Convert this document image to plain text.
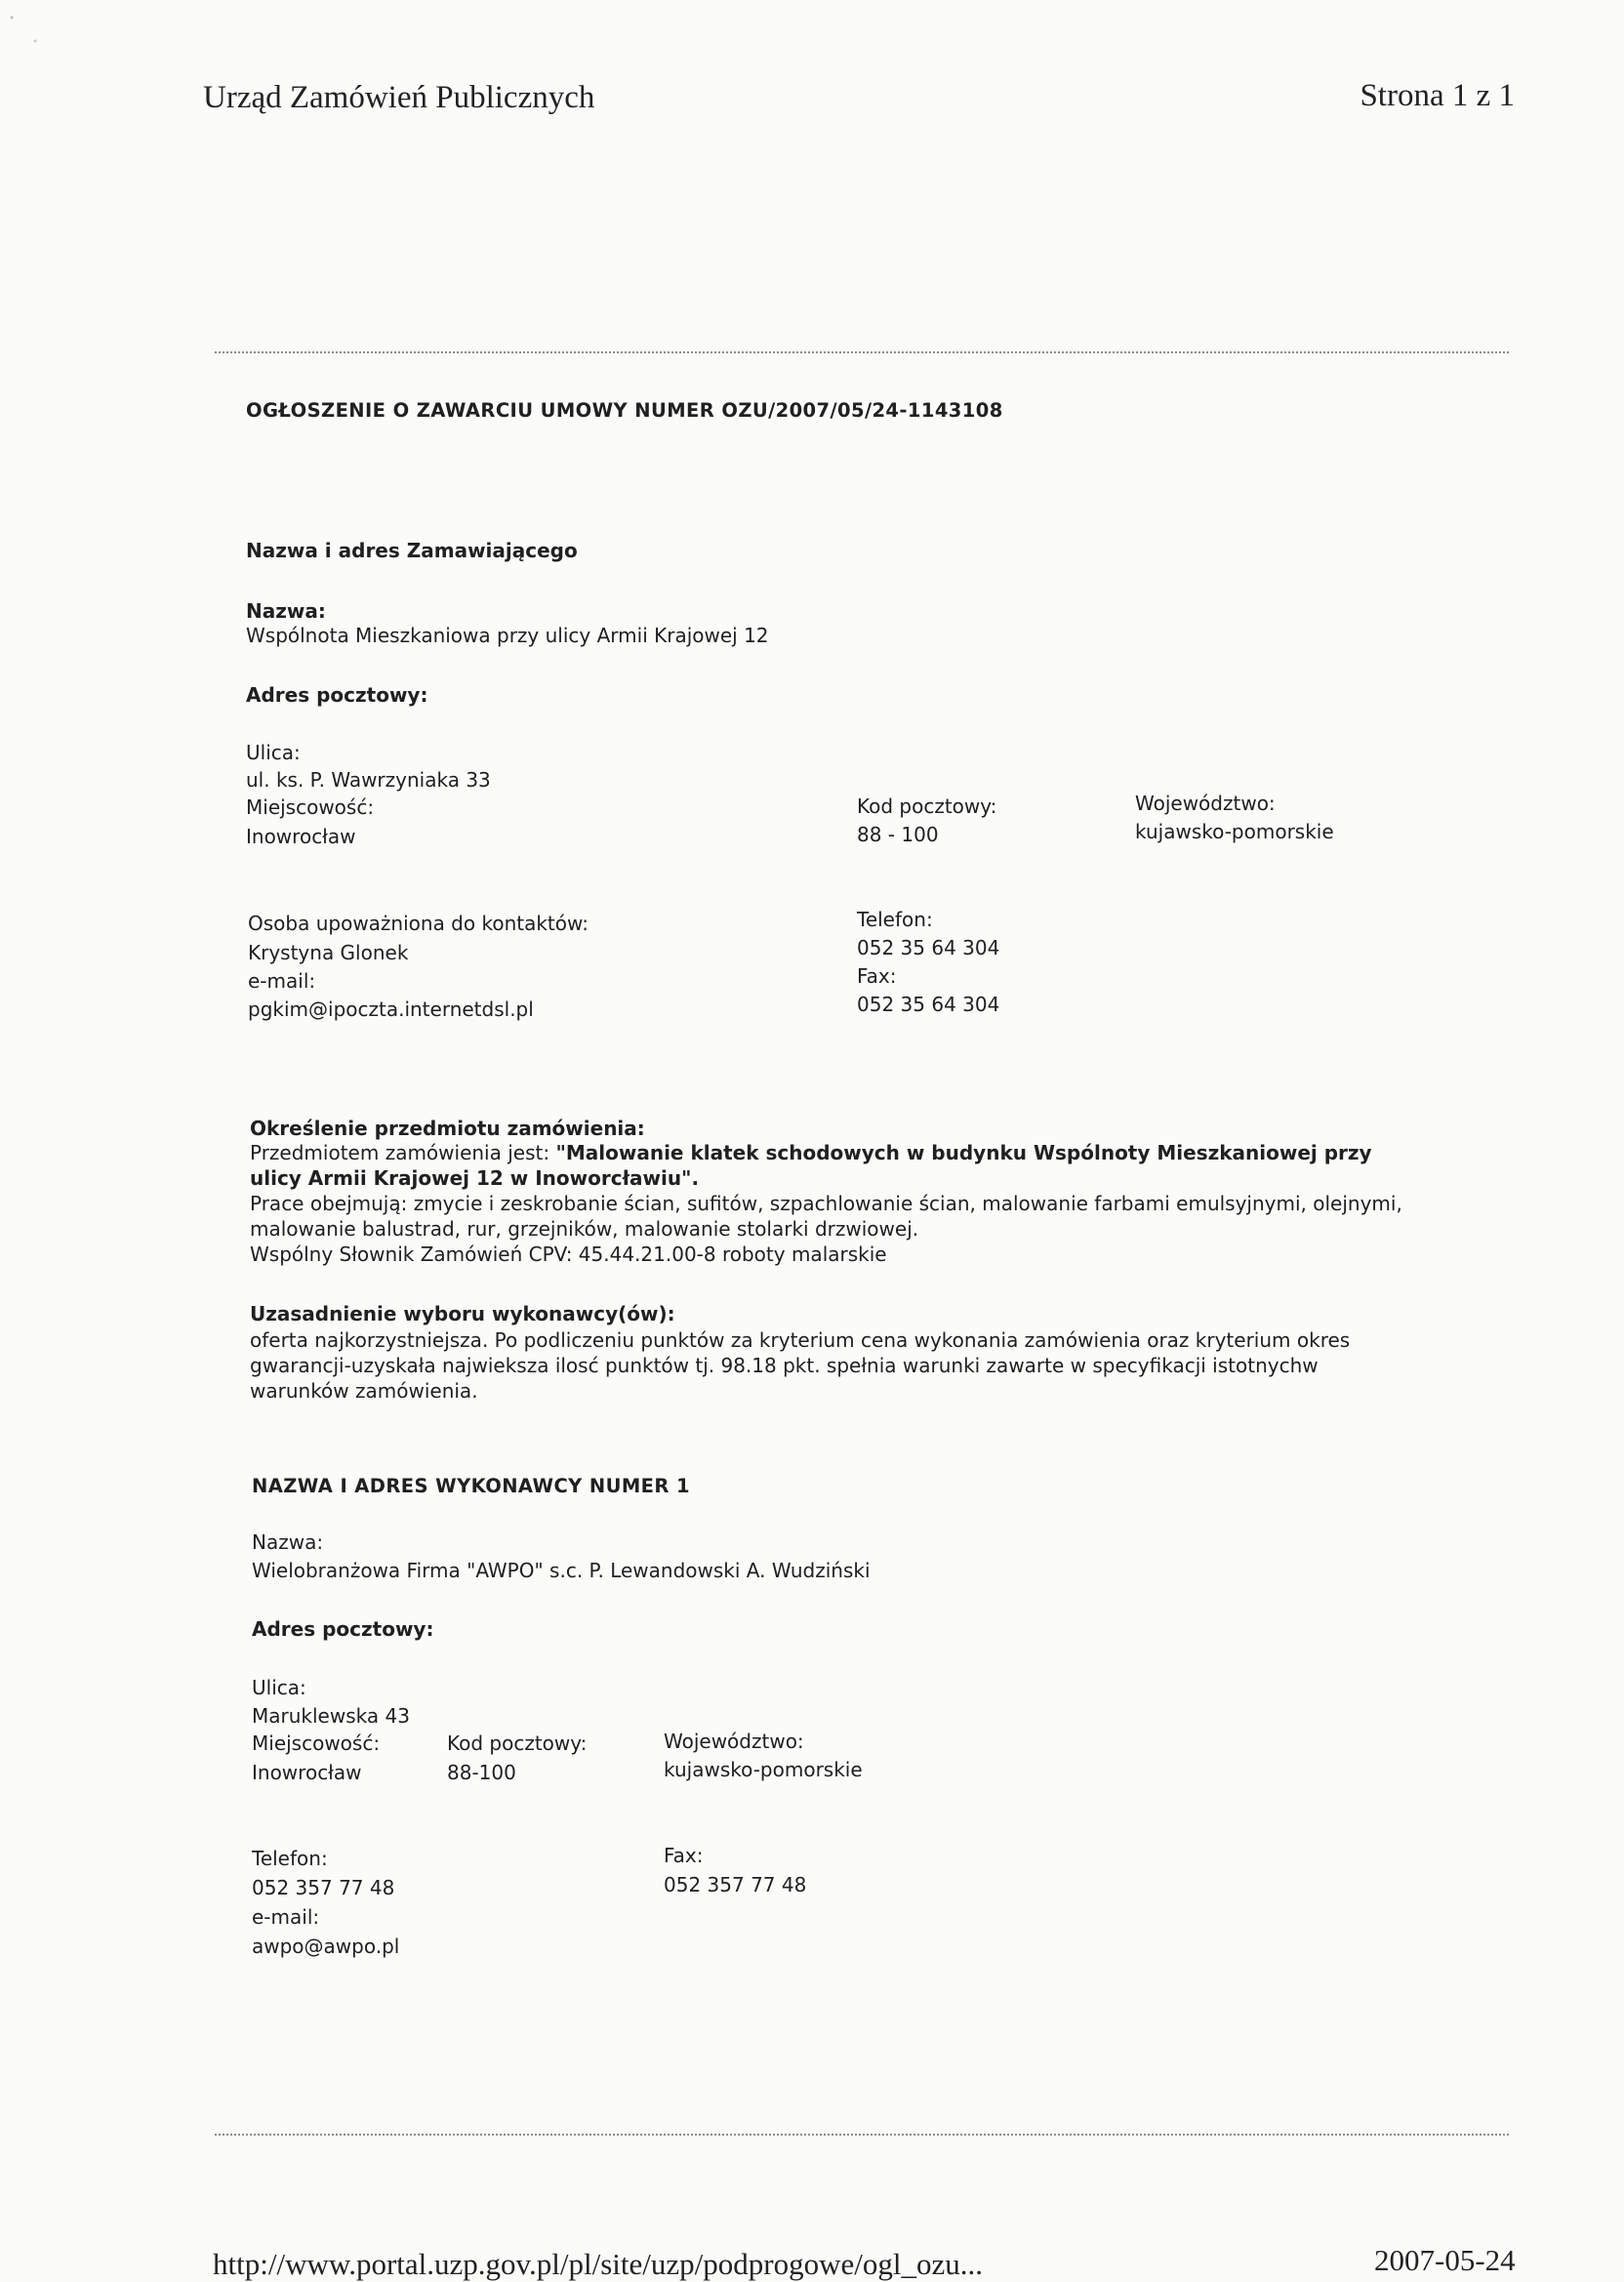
Urząd Zamówień Publicznych	Strona 1 z 1
OGŁOSZENIE O ZAWARCIU UMOWY NUMER OZU/2007/05/24-1143108
Nazwa i adres Zamawiającego
Nazwa:
Wspólnota Mieszkaniowa przy ulicy Armii Krajowej 12
Adres pocztowy:
Ulica:
ul. ks. P. Wawrzyniaka 33
Miejscowość:
Inowrocław
Kod pocztowy:
88 - 100
Województwo:
kujawsko-pomorskie
Osoba upoważniona do kontaktów:
Krystyna Glonek
e-mail:
pgkim@ipoczta.internetdsl.pl
Telefon:
052 35 64 304
Fax:
052 35 64 304
Określenie przedmiotu zamówienia:

Przedmiotem zamówienia jest: "Malowanie klatek schodowych w budynku Wspólnoty Mieszkaniowej przy

ulicy Armii Krajowej 12 w Inoworcławiu".

Prace obejmują: zmycie i zeskrobanie ścian, sufitów, szpachlowanie ścian, malowanie farbami emulsyjnymi, olejnymi,

malowanie balustrad, rur, grzejników, malowanie stolarki drzwiowej.

Wspólny Słownik Zamówień CPV: 45.44.21.00-8 roboty malarskie

Uzasadnienie wyboru wykonawcy(ów):

oferta najkorzystniejsza. Po podliczeniu punktów za kryterium cena wykonania zamówienia oraz kryterium okres

gwarancji-uzyskała najwieksza ilosć punktów tj. 98.18 pkt. spełnia warunki zawarte w specyfikacji istotnychw

warunków zamówienia.

NAZWA I ADRES WYKONAWCY NUMER 1
Nazwa:
Wielobranżowa Firma "AWPO" s.c. P. Lewandowski A. Wudziński
Adres pocztowy:
Ulica:
Maruklewska 43
Miejscowość:
Inowrocław
Kod pocztowy:
88-100
Województwo:
kujawsko-pomorskie
Telefon:
052 357 77 48
e-mail:
awpo@awpo.pl
Fax:
052 357 77 48
http://www.portal.uzp.gov.pl/pl/site/uzp/podprogowe/ogl_ozu...	2007-05-24
